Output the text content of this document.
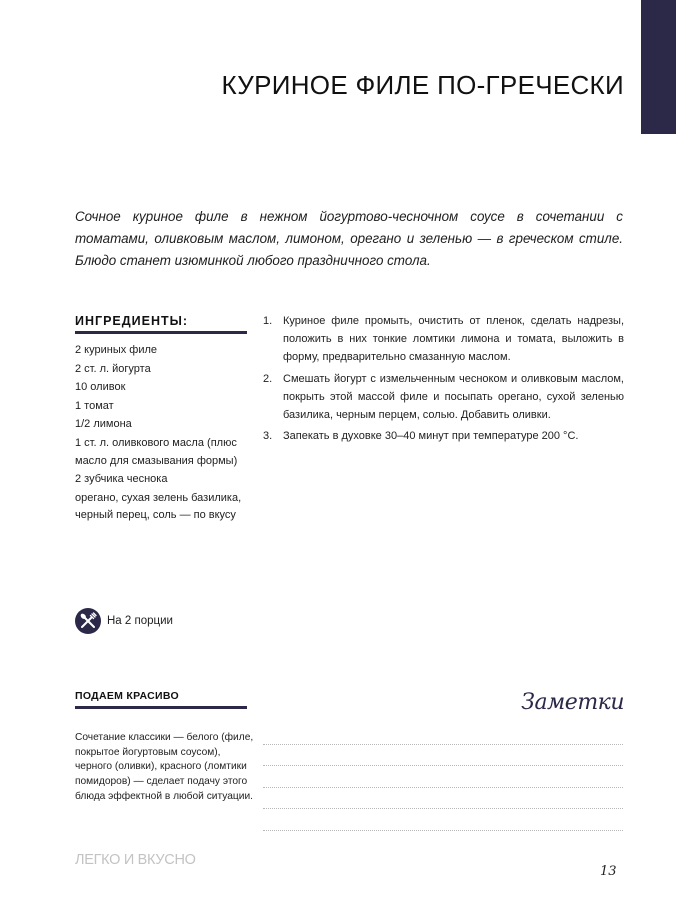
КУРИНОЕ ФИЛЕ ПО-ГРЕЧЕСКИ

Сочное куриное филе в нежном йогуртово-чесночном соусе в сочетании с томатами, оливковым маслом, лимоном, орегано и зеленью — в греческом стиле. Блюдо станет изюминкой любого праздничного стола.

ИНГРЕДИЕНТЫ:
2 куриных филе
2 ст. л. йогурта
10 оливок
1 томат
1/2 лимона
1 ст. л. оливкового масла (плюс масло для смазывания формы)
2 зубчика чеснока
орегано, сухая зелень базилика, черный перец, соль — по вкусу
1. Куриное филе промыть, очистить от пленок, сделать надрезы, положить в них тонкие ломтики лимона и томата, выложить в форму, предварительно смазанную маслом.
2. Смешать йогурт с измельченным чесноком и оливковым маслом, покрыть этой массой филе и посыпать орегано, сухой зеленью базилика, черным перцем, солью. Добавить оливки.
3. Запекать в духовке 30–40 минут при температуре 200 °C.
На 2 порции
ПОДАЕМ КРАСИВО

Сочетание классики — белого (филе, покрытое йогуртовым соусом), черного (оливки), красного (ломтики помидоров) — сделает подачу этого блюда эффектной в любой ситуации.

Заметки
ЛЕГКО И ВКУСНО
13
